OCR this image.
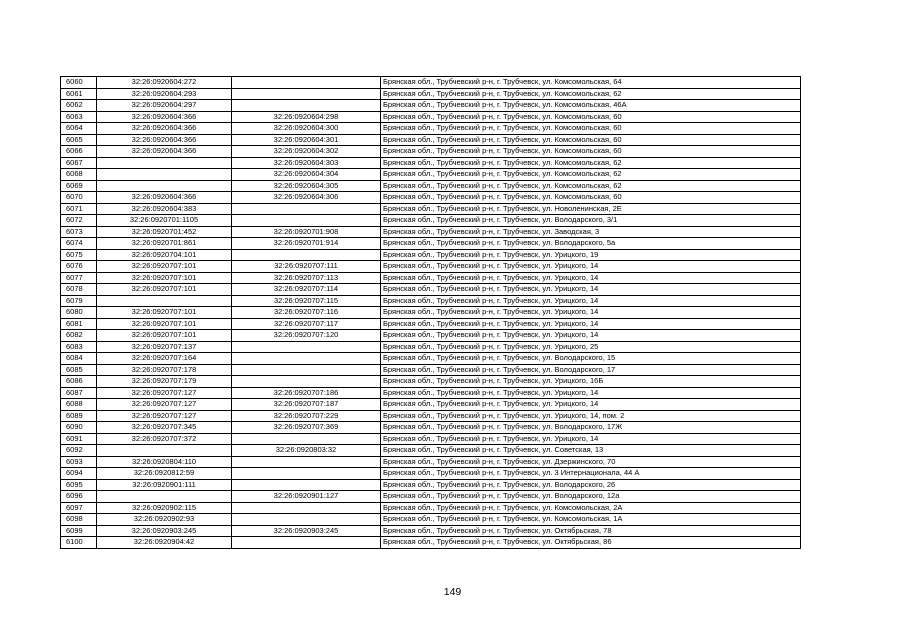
6060	32:26:0920604:272		Брянская обл., Трубчевский р-н, г. Трубчевск, ул. Комсомольская, 64
6061	32:26:0920604:293		Брянская обл., Трубчевский р-н, г. Трубчевск, ул. Комсомольская, 62
6062	32:26:0920604:297		Брянская обл., Трубчевский р-н, г. Трубчевск, ул. Комсомольская, 46А
6063	32:26:0920604:366	32:26:0920604:298	Брянская обл., Трубчевский р-н, г. Трубчевск, ул. Комсомольская, 60
6064	32:26:0920604:366	32:26:0920604:300	Брянская обл., Трубчевский р-н, г. Трубчевск, ул. Комсомольская, 60
6065	32:26:0920604:366	32:26:0920604:301	Брянская обл., Трубчевский р-н, г. Трубчевск, ул. Комсомольская, 60
6066	32:26:0920604:366	32:26:0920604:302	Брянская обл., Трубчевский р-н, г. Трубчевск, ул. Комсомольская, 60
6067		32:26:0920604:303	Брянская обл., Трубчевский р-н, г. Трубчевск, ул. Комсомольская, 62
6068		32:26:0920604:304	Брянская обл., Трубчевский р-н, г. Трубчевск, ул. Комсомольская, 62
6069		32:26:0920604:305	Брянская обл., Трубчевский р-н, г. Трубчевск, ул. Комсомольская, 62
6070	32:26:0920604:366	32:26:0920604:306	Брянская обл., Трубчевский р-н, г. Трубчевск, ул. Комсомольская, 60
6071	32:26:0920604:383		Брянская обл., Трубчевский р-н, г. Трубчевск, ул. Новоленинская, 2Е
6072	32:26:0920701:1105		Брянская обл., Трубчевский р-н, г. Трубчевск, ул. Володарского, 3/1
6073	32:26:0920701:452	32:26:0920701:908	Брянская обл., Трубчевский р-н, г. Трубчевск, ул. Заводская, 3
6074	32:26:0920701:861	32:26:0920701:914	Брянская обл., Трубчевский р-н, г. Трубчевск, ул. Володарского, 5а
6075	32:26:0920704:101		Брянская обл., Трубчевский р-н, г. Трубчевск, ул. Урицкого, 19
6076	32:26:0920707:101	32:26:0920707:111	Брянская обл., Трубчевский р-н, г. Трубчевск, ул. Урицкого, 14
6077	32:26:0920707:101	32:26:0920707:113	Брянская обл., Трубчевский р-н, г. Трубчевск, ул. Урицкого, 14
6078	32:26:0920707:101	32:26:0920707:114	Брянская обл., Трубчевский р-н, г. Трубчевск, ул. Урицкого, 14
6079		32:26:0920707:115	Брянская обл., Трубчевский р-н, г. Трубчевск, ул. Урицкого, 14
6080	32:26:0920707:101	32:26:0920707:116	Брянская обл., Трубчевский р-н, г. Трубчевск, ул. Урицкого, 14
6081	32:26:0920707:101	32:26:0920707:117	Брянская обл., Трубчевский р-н, г. Трубчевск, ул. Урицкого, 14
6082	32:26:0920707:101	32:26:0920707:120	Брянская обл., Трубчевский р-н, г. Трубчевск, ул. Урицкого, 14
6083	32:26:0920707:137		Брянская обл., Трубчевский р-н, г. Трубчевск, ул. Урицкого, 25
6084	32:26:0920707:164		Брянская обл., Трубчевский р-н, г. Трубчевск, ул. Володарского, 15
6085	32:26:0920707:178		Брянская обл., Трубчевский р-н, г. Трубчевск, ул. Володарского, 17
6086	32:26:0920707:179		Брянская обл., Трубчевский р-н, г. Трубчевск, ул. Урицкого, 16Б
6087	32:26:0920707:127	32:26:0920707:186	Брянская обл., Трубчевский р-н, г. Трубчевск, ул. Урицкого, 14
6088	32:26:0920707:127	32:26:0920707:187	Брянская обл., Трубчевский р-н, г. Трубчевск, ул. Урицкого, 14
6089	32:26:0920707:127	32:26:0920707:229	Брянская обл., Трубчевский р-н, г. Трубчевск, ул. Урицкого, 14, пом. 2
6090	32:26:0920707:345	32:26:0920707:369	Брянская обл., Трубчевский р-н, г. Трубчевск, ул. Володарского, 17Ж
6091	32:26:0920707:372		Брянская обл., Трубчевский р-н, г. Трубчевск, ул. Урицкого, 14
6092		32:26:0920803:32	Брянская обл., Трубчевский р-н, г. Трубчевск, ул. Советская, 13
6093	32:26:0920804:110		Брянская обл., Трубчевский р-н, г. Трубчевск, ул. Дзержинского, 70
6094	32:26:0920812:59		Брянская обл., Трубчевский р-н, г. Трубчевск, ул. 3 Интернационала, 44 А
6095	32:26:0920901:111		Брянская обл., Трубчевский р-н, г. Трубчевск, ул. Володарского, 26
6096		32:26:0920901:127	Брянская обл., Трубчевский р-н, г. Трубчевск, ул. Володарского, 12а
6097	32:26:0920902:115		Брянская обл., Трубчевский р-н, г. Трубчевск, ул. Комсомольская, 2А
6098	32:26:0920902:93		Брянская обл., Трубчевский р-н, г. Трубчевск, ул. Комсомольская, 1А
6099	32:26:0920903:245	32:26:0920903:245	Брянская обл., Трубчевский р-н, г. Трубчевск, ул. Октябрьская, 78
6100	32:26:0920904:42		Брянская обл., Трубчевский р-н, г. Трубчевск, ул. Октябрьская, 86
149
